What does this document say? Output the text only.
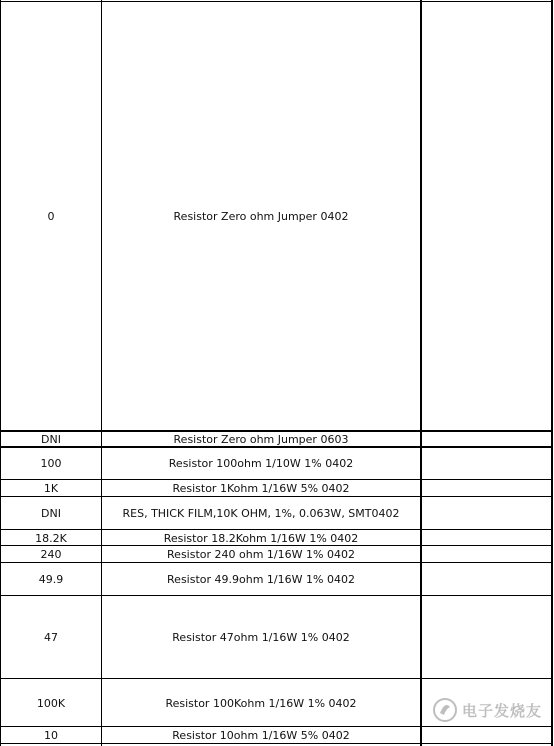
0	Resistor Zero ohm Jumper 0402
DNI	Resistor Zero ohm Jumper 0603
100	Resistor 100ohm 1/10W 1% 0402
1K	Resistor 1Kohm 1/16W 5% 0402
DNI	RES, THICK FILM,10K OHM, 1%, 0.063W, SMT0402
18.2K	Resistor 18.2Kohm 1/16W 1% 0402
240	Resistor 240 ohm 1/16W 1% 0402
49.9	Resistor 49.9ohm 1/16W 1% 0402
47	Resistor 47ohm 1/16W 1% 0402
100K	Resistor 100Kohm 1/16W 1% 0402
10	Resistor 10ohm 1/16W 5% 0402
电子发烧友
